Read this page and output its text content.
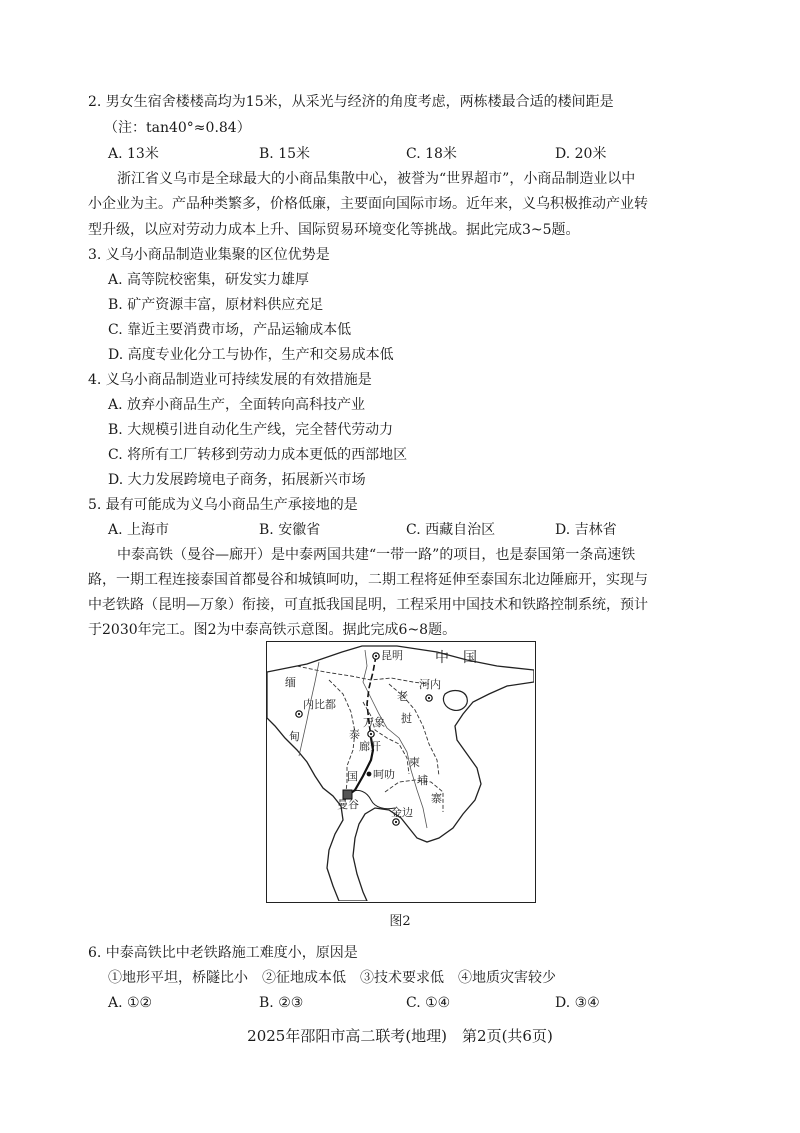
2. 男女生宿舍楼楼高均为15米，从采光与经济的角度考虑，两栋楼最合适的楼间距是
（注：tan40°≈0.84）
A. 13米	B. 15米	C. 18米	D. 20米
浙江省义乌市是全球最大的小商品集散中心，被誉为“世界超市”，小商品制造业以中
小企业为主。产品种类繁多，价格低廉，主要面向国际市场。近年来，义乌积极推动产业转
型升级，以应对劳动力成本上升、国际贸易环境变化等挑战。据此完成3~5题。
3. 义乌小商品制造业集聚的区位优势是
A. 高等院校密集，研发实力雄厚
B. 矿产资源丰富，原材料供应充足
C. 靠近主要消费市场，产品运输成本低
D. 高度专业化分工与协作，生产和交易成本低
4. 义乌小商品制造业可持续发展的有效措施是
A. 放弃小商品生产，全面转向高科技产业
B. 大规模引进自动化生产线，完全替代劳动力
C. 将所有工厂转移到劳动力成本更低的西部地区
D. 大力发展跨境电子商务，拓展新兴市场
5. 最有可能成为义乌小商品生产承接地的是
A. 上海市	B. 安徽省	C. 西藏自治区	D. 吉林省
中泰高铁（曼谷—廊开）是中泰两国共建“一带一路”的项目，也是泰国第一条高速铁
路，一期工程连接泰国首都曼谷和城镇呵叻，二期工程将延伸至泰国东北边陲廊开，实现与
中老铁路（昆明—万象）衔接，可直抵我国昆明，工程采用中国技术和铁路控制系统，预计
于2030年完工。图2为中泰高铁示意图。据此完成6~8题。
中　国
昆明
河内
内比都
万象
廊开
呵叻
曼谷
金边
缅
甸	泰
国
老
挝
柬
埔
寨
图2
6. 中泰高铁比中老铁路施工难度小，原因是
①地形平坦，桥隧比小　②征地成本低　③技术要求低　④地质灾害较少
A. ①②	B. ②③	C. ①④	D. ③④
2025年邵阳市高二联考(地理)　第2页(共6页)
